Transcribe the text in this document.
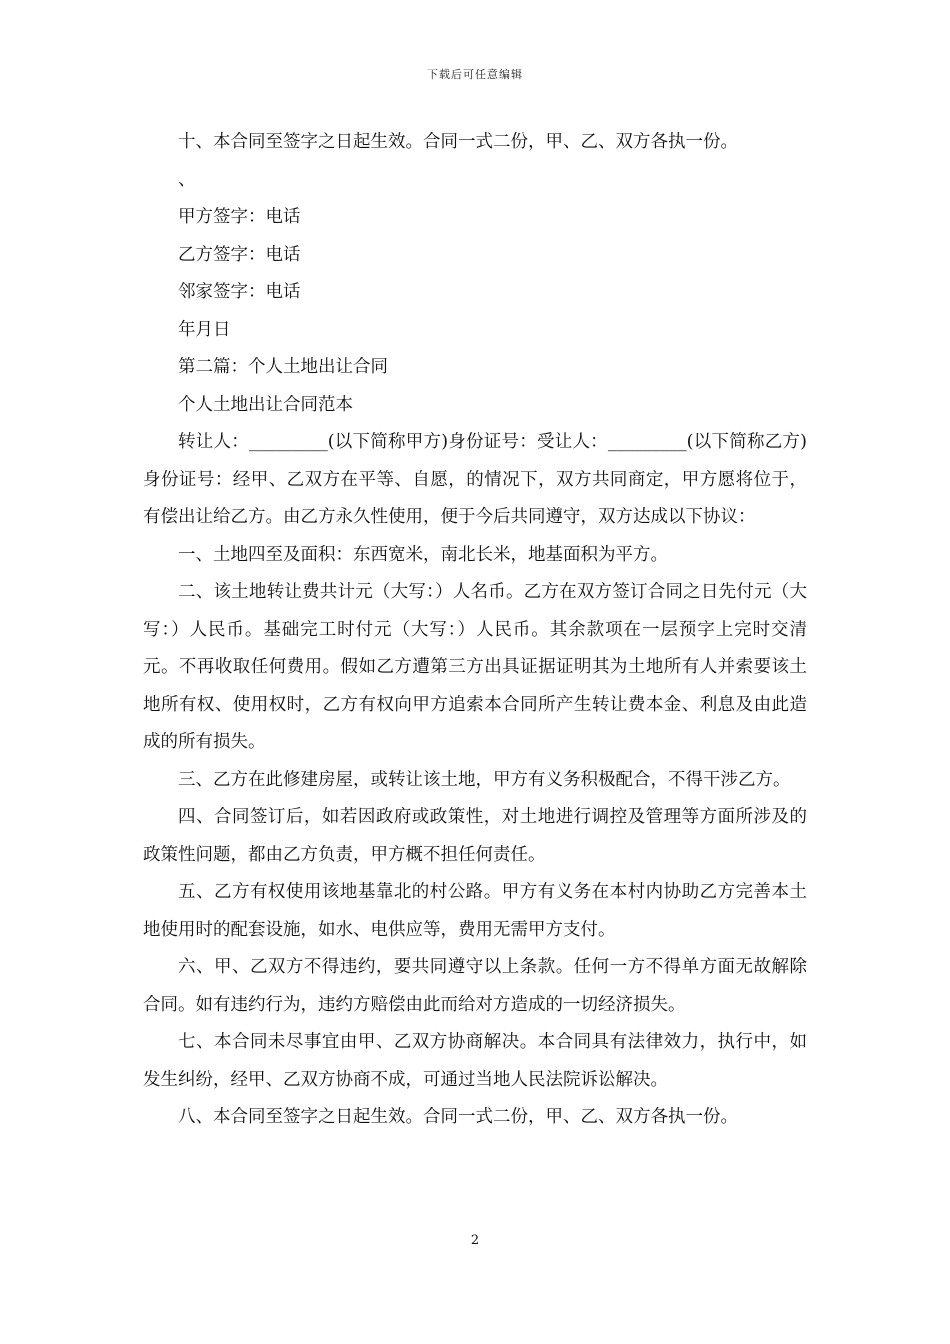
下载后可任意编辑
十、本合同至签字之日起生效。合同一式二份，甲、乙、双方各执一份。
、
甲方签字：电话
乙方签字：电话
邻家签字：电话
年月日
第二篇：个人土地出让合同
个人土地出让合同范本

转让人：_________(以下简称甲方)身份证号：受让人：_________(以下简称乙方)身份证号：经甲、乙双方在平等、自愿，的情况下，双方共同商定，甲方愿将位于，有偿出让给乙方。由乙方永久性使用，便于今后共同遵守，双方达成以下协议：

一、土地四至及面积：东西宽米，南北长米，地基面积为平方。

二、该土地转让费共计元（大写：）人名币。乙方在双方签订合同之日先付元（大写：）人民币。基础完工时付元（大写：）人民币。其余款项在一层预字上完时交清元。不再收取任何费用。假如乙方遭第三方出具证据证明其为土地所有人并索要该土地所有权、使用权时，乙方有权向甲方追索本合同所产生转让费本金、利息及由此造成的所有损失。

三、乙方在此修建房屋，或转让该土地，甲方有义务积极配合，不得干涉乙方。

四、合同签订后，如若因政府或政策性，对土地进行调控及管理等方面所涉及的政策性问题，都由乙方负责，甲方概不担任何责任。

五、乙方有权使用该地基靠北的村公路。甲方有义务在本村内协助乙方完善本土地使用时的配套设施，如水、电供应等，费用无需甲方支付。

六、甲、乙双方不得违约，要共同遵守以上条款。任何一方不得单方面无故解除合同。如有违约行为，违约方赔偿由此而给对方造成的一切经济损失。

七、本合同未尽事宜由甲、乙双方协商解决。本合同具有法律效力，执行中，如发生纠纷，经甲、乙双方协商不成，可通过当地人民法院诉讼解决。

八、本合同至签字之日起生效。合同一式二份，甲、乙、双方各执一份。

2
